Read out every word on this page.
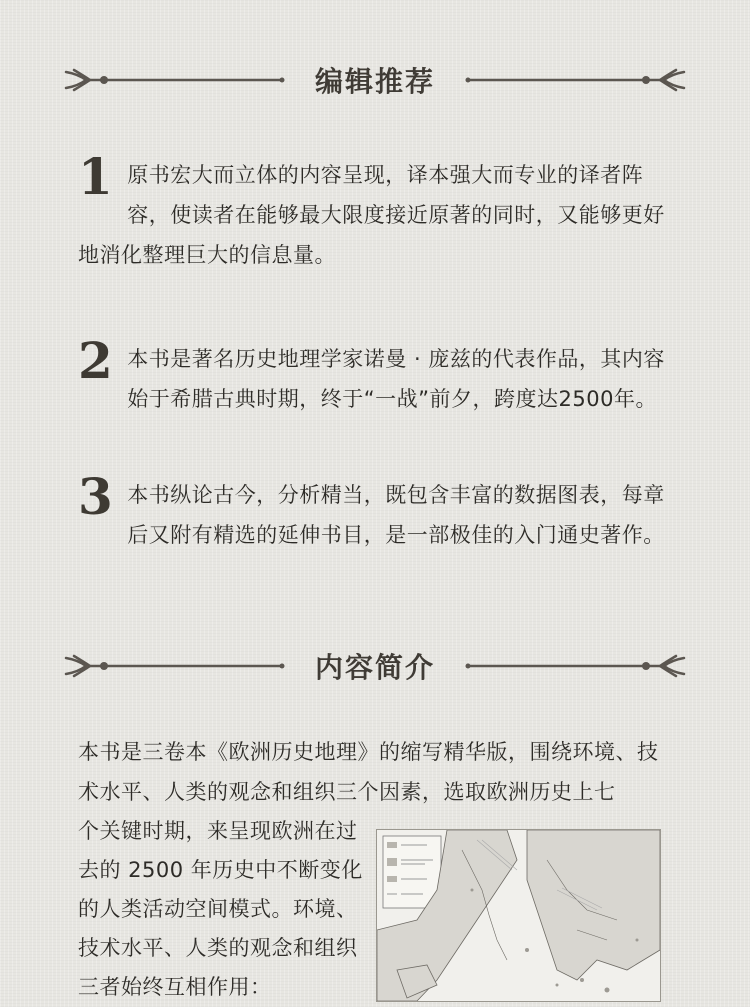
编辑推荐

1 原书宏大而立体的内容呈现，译本强大而专业的译者阵容，使读者在能够最大限度接近原著的同时，又能够更好地消化整理巨大的信息量。

2 本书是著名历史地理学家诺曼 · 庞兹的代表作品，其内容始于希腊古典时期，终于“一战”前夕，跨度达2500年。

3 本书纵论古今，分析精当，既包含丰富的数据图表，每章后又附有精选的延伸书目，是一部极佳的入门通史著作。

内容简介

本书是三卷本《欧洲历史地理》的缩写精华版，围绕环境、技术水平、人类的观念和组织三个因素，选取欧洲历史上七

个关键时期，来呈现欧洲在过去的 2500 年历史中不断变化的人类活动空间模式。环境、技术水平、人类的观念和组织三者始终互相作用：
